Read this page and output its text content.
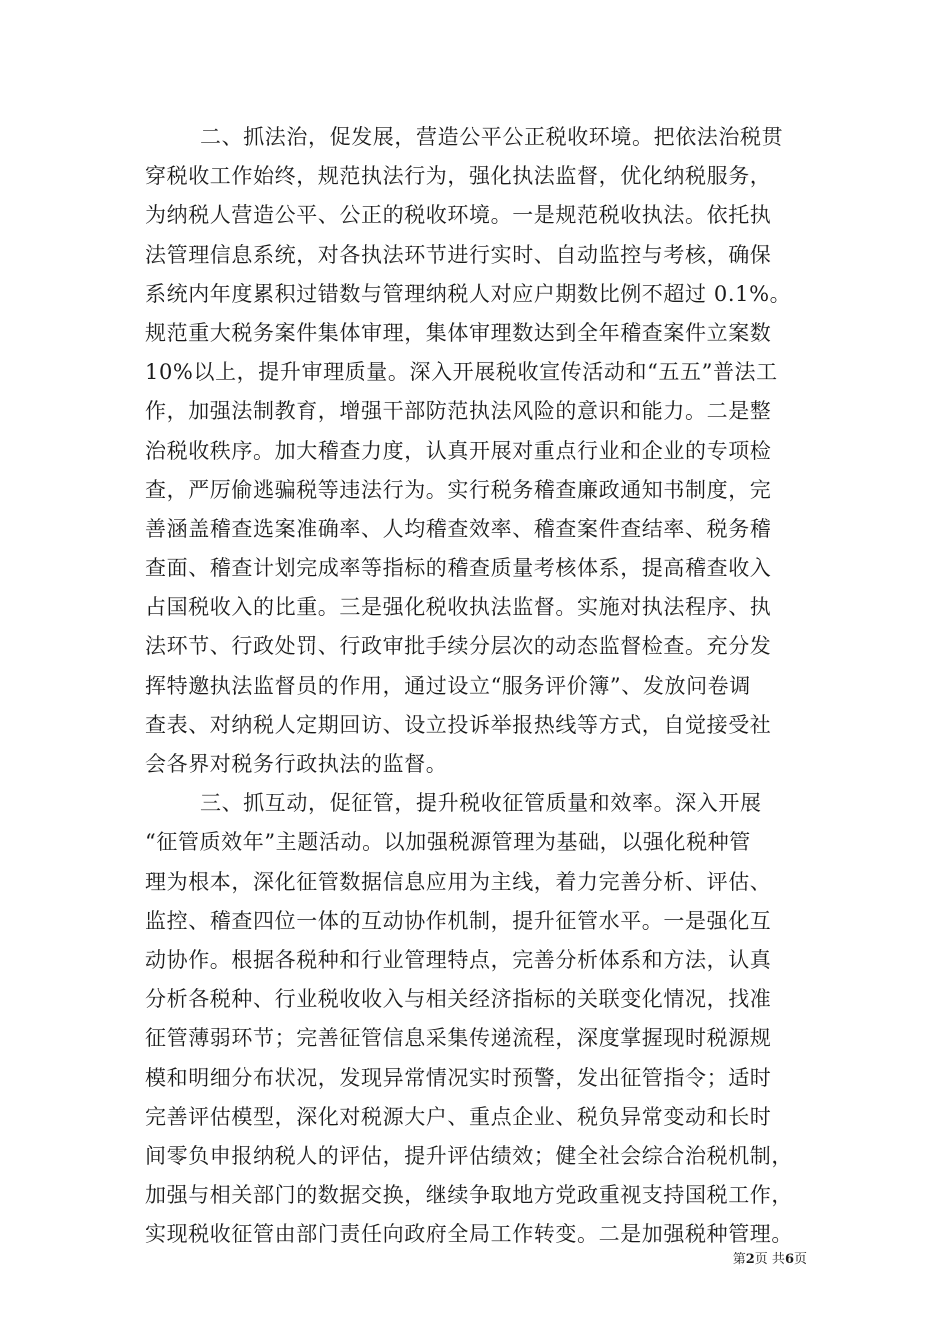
二、抓法治，促发展，营造公平公正税收环境。把依法治税贯
穿税收工作始终，规范执法行为，强化执法监督，优化纳税服务，
为纳税人营造公平、公正的税收环境。一是规范税收执法。依托执
法管理信息系统，对各执法环节进行实时、自动监控与考核，确保
系统内年度累积过错数与管理纳税人对应户期数比例不超过 0.1%。
规范重大税务案件集体审理，集体审理数达到全年稽查案件立案数
10%以上，提升审理质量。深入开展税收宣传活动和“五五”普法工
作，加强法制教育，增强干部防范执法风险的意识和能力。二是整
治税收秩序。加大稽查力度，认真开展对重点行业和企业的专项检
查，严厉偷逃骗税等违法行为。实行税务稽查廉政通知书制度，完
善涵盖稽查选案准确率、人均稽查效率、稽查案件查结率、税务稽
查面、稽查计划完成率等指标的稽查质量考核体系，提高稽查收入
占国税收入的比重。三是强化税收执法监督。实施对执法程序、执
法环节、行政处罚、行政审批手续分层次的动态监督检查。充分发
挥特邀执法监督员的作用，通过设立“服务评价簿”、发放问卷调
查表、对纳税人定期回访、设立投诉举报热线等方式，自觉接受社
会各界对税务行政执法的监督。
三、抓互动，促征管，提升税收征管质量和效率。深入开展
“征管质效年”主题活动。以加强税源管理为基础，以强化税种管
理为根本，深化征管数据信息应用为主线，着力完善分析、评估、
监控、稽查四位一体的互动协作机制，提升征管水平。一是强化互
动协作。根据各税种和行业管理特点，完善分析体系和方法，认真
分析各税种、行业税收收入与相关经济指标的关联变化情况，找准
征管薄弱环节；完善征管信息采集传递流程，深度掌握现时税源规
模和明细分布状况，发现异常情况实时预警，发出征管指令；适时
完善评估模型，深化对税源大户、重点企业、税负异常变动和长时
间零负申报纳税人的评估，提升评估绩效；健全社会综合治税机制，
加强与相关部门的数据交换，继续争取地方党政重视支持国税工作，
实现税收征管由部门责任向政府全局工作转变。二是加强税种管理。
第2页 共6页
